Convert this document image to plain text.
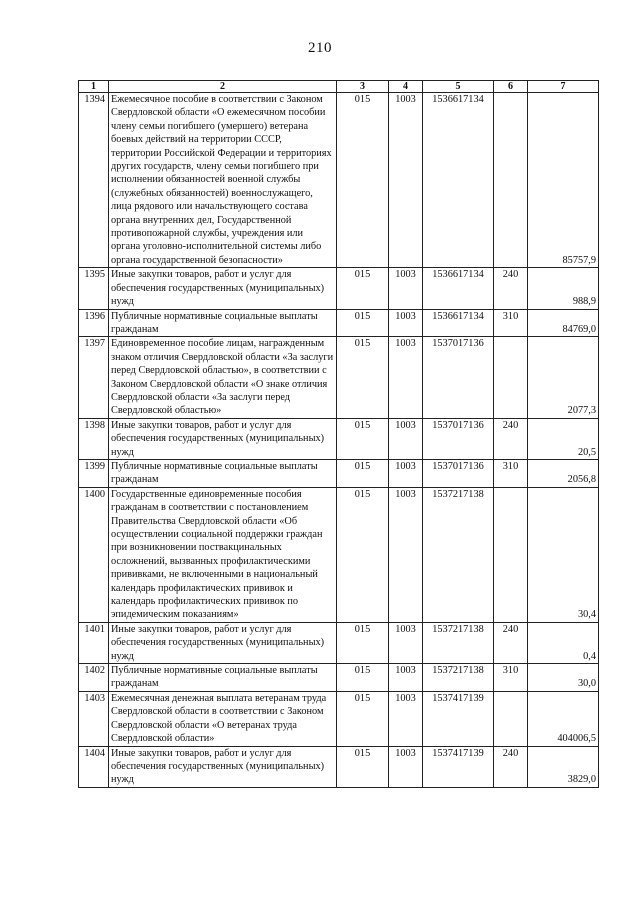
210
1	2	3	4	5	6	7
1394	Ежемесячное пособие в соответствии с Законом Свердловской области «О ежемесячном пособии члену семьи погибшего (умершего) ветерана боевых действий на территории СССР, территории Российской Федерации и территориях других государств, члену семьи погибшего при исполнении обязанностей военной службы (служебных обязанностей) военнослужащего, лица рядового или начальствующего состава органа внутренних дел, Государственной противопожарной службы, учреждения или органа уголовно-исполнительной системы либо органа государственной безопасности»	015	1003	1536617134		85757,9
1395	Иные закупки товаров, работ и услуг для обеспечения государственных (муниципальных) нужд	015	1003	1536617134	240	988,9
1396	Публичные нормативные социальные выплаты гражданам	015	1003	1536617134	310	84769,0
1397	Единовременное пособие лицам, награжденным знаком отличия Свердловской области «За заслуги перед Свердловской областью», в соответствии с Законом Свердловской области «О знаке отличия Свердловской области «За заслуги перед Свердловской областью»	015	1003	1537017136		2077,3
1398	Иные закупки товаров, работ и услуг для обеспечения государственных (муниципальных) нужд	015	1003	1537017136	240	20,5
1399	Публичные нормативные социальные выплаты гражданам	015	1003	1537017136	310	2056,8
1400	Государственные единовременные пособия гражданам в соответствии с постановлением Правительства Свердловской области «Об осуществлении социальной поддержки граждан при возникновении поствакцинальных осложнений, вызванных профилактическими прививками, не включенными в национальный календарь профилактических прививок и календарь профилактических прививок по эпидемическим показаниям»	015	1003	1537217138		30,4
1401	Иные закупки товаров, работ и услуг для обеспечения государственных (муниципальных) нужд	015	1003	1537217138	240	0,4
1402	Публичные нормативные социальные выплаты гражданам	015	1003	1537217138	310	30,0
1403	Ежемесячная денежная выплата ветеранам труда Свердловской области в соответствии с Законом Свердловской области «О ветеранах труда Свердловской области»	015	1003	1537417139		404006,5
1404	Иные закупки товаров, работ и услуг для обеспечения государственных (муниципальных) нужд	015	1003	1537417139	240	3829,0
